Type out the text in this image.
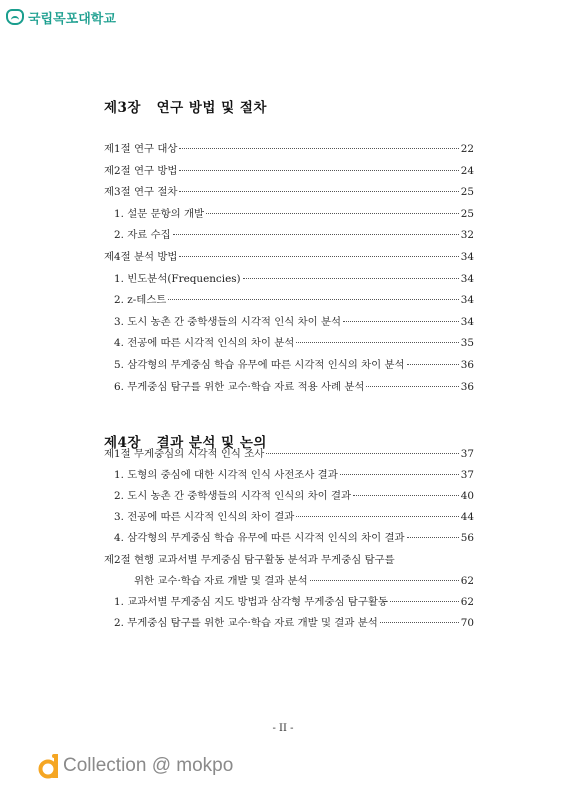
국립목포대학교
제3장   연구 방법 및 절차
제1절 연구 대상	22
제2절 연구 방법	24
제3절 연구 절차	25
1. 설문 문항의 개발	25
2. 자료 수집	32
제4절 분석 방법	34
1. 빈도분석(Frequencies)	34
2. z-테스트	34
3. 도시 농촌 간 중학생들의 시각적 인식 차이 분석	34
4. 전공에 따른 시각적 인식의 차이 분석	35
5. 삼각형의 무게중심 학습 유무에 따른 시각적 인식의 차이 분석	36
6. 무게중심 탐구를 위한 교수·학습 자료 적용 사례 분석	36
제4장   결과 분석 및 논의
제1절 무게중심의 시각적 인식 조사	37
1. 도형의 중심에 대한 시각적 인식 사전조사 결과	37
2. 도시 농촌 간 중학생들의 시각적 인식의 차이 결과	40
3. 전공에 따른 시각적 인식의 차이 결과	44
4. 삼각형의 무게중심 학습 유무에 따른 시각적 인식의 차이 결과	56
제2절 현행 교과서별 무게중심 탐구활동 분석과 무게중심 탐구를
위한 교수·학습 자료 개발 및 결과 분석	62
1. 교과서별 무게중심 지도 방법과 삼각형 무게중심 탐구활동	62
2. 무게중심 탐구를 위한 교수·학습 자료 개발 및 결과 분석	70
- II -
Collection @ mokpo
